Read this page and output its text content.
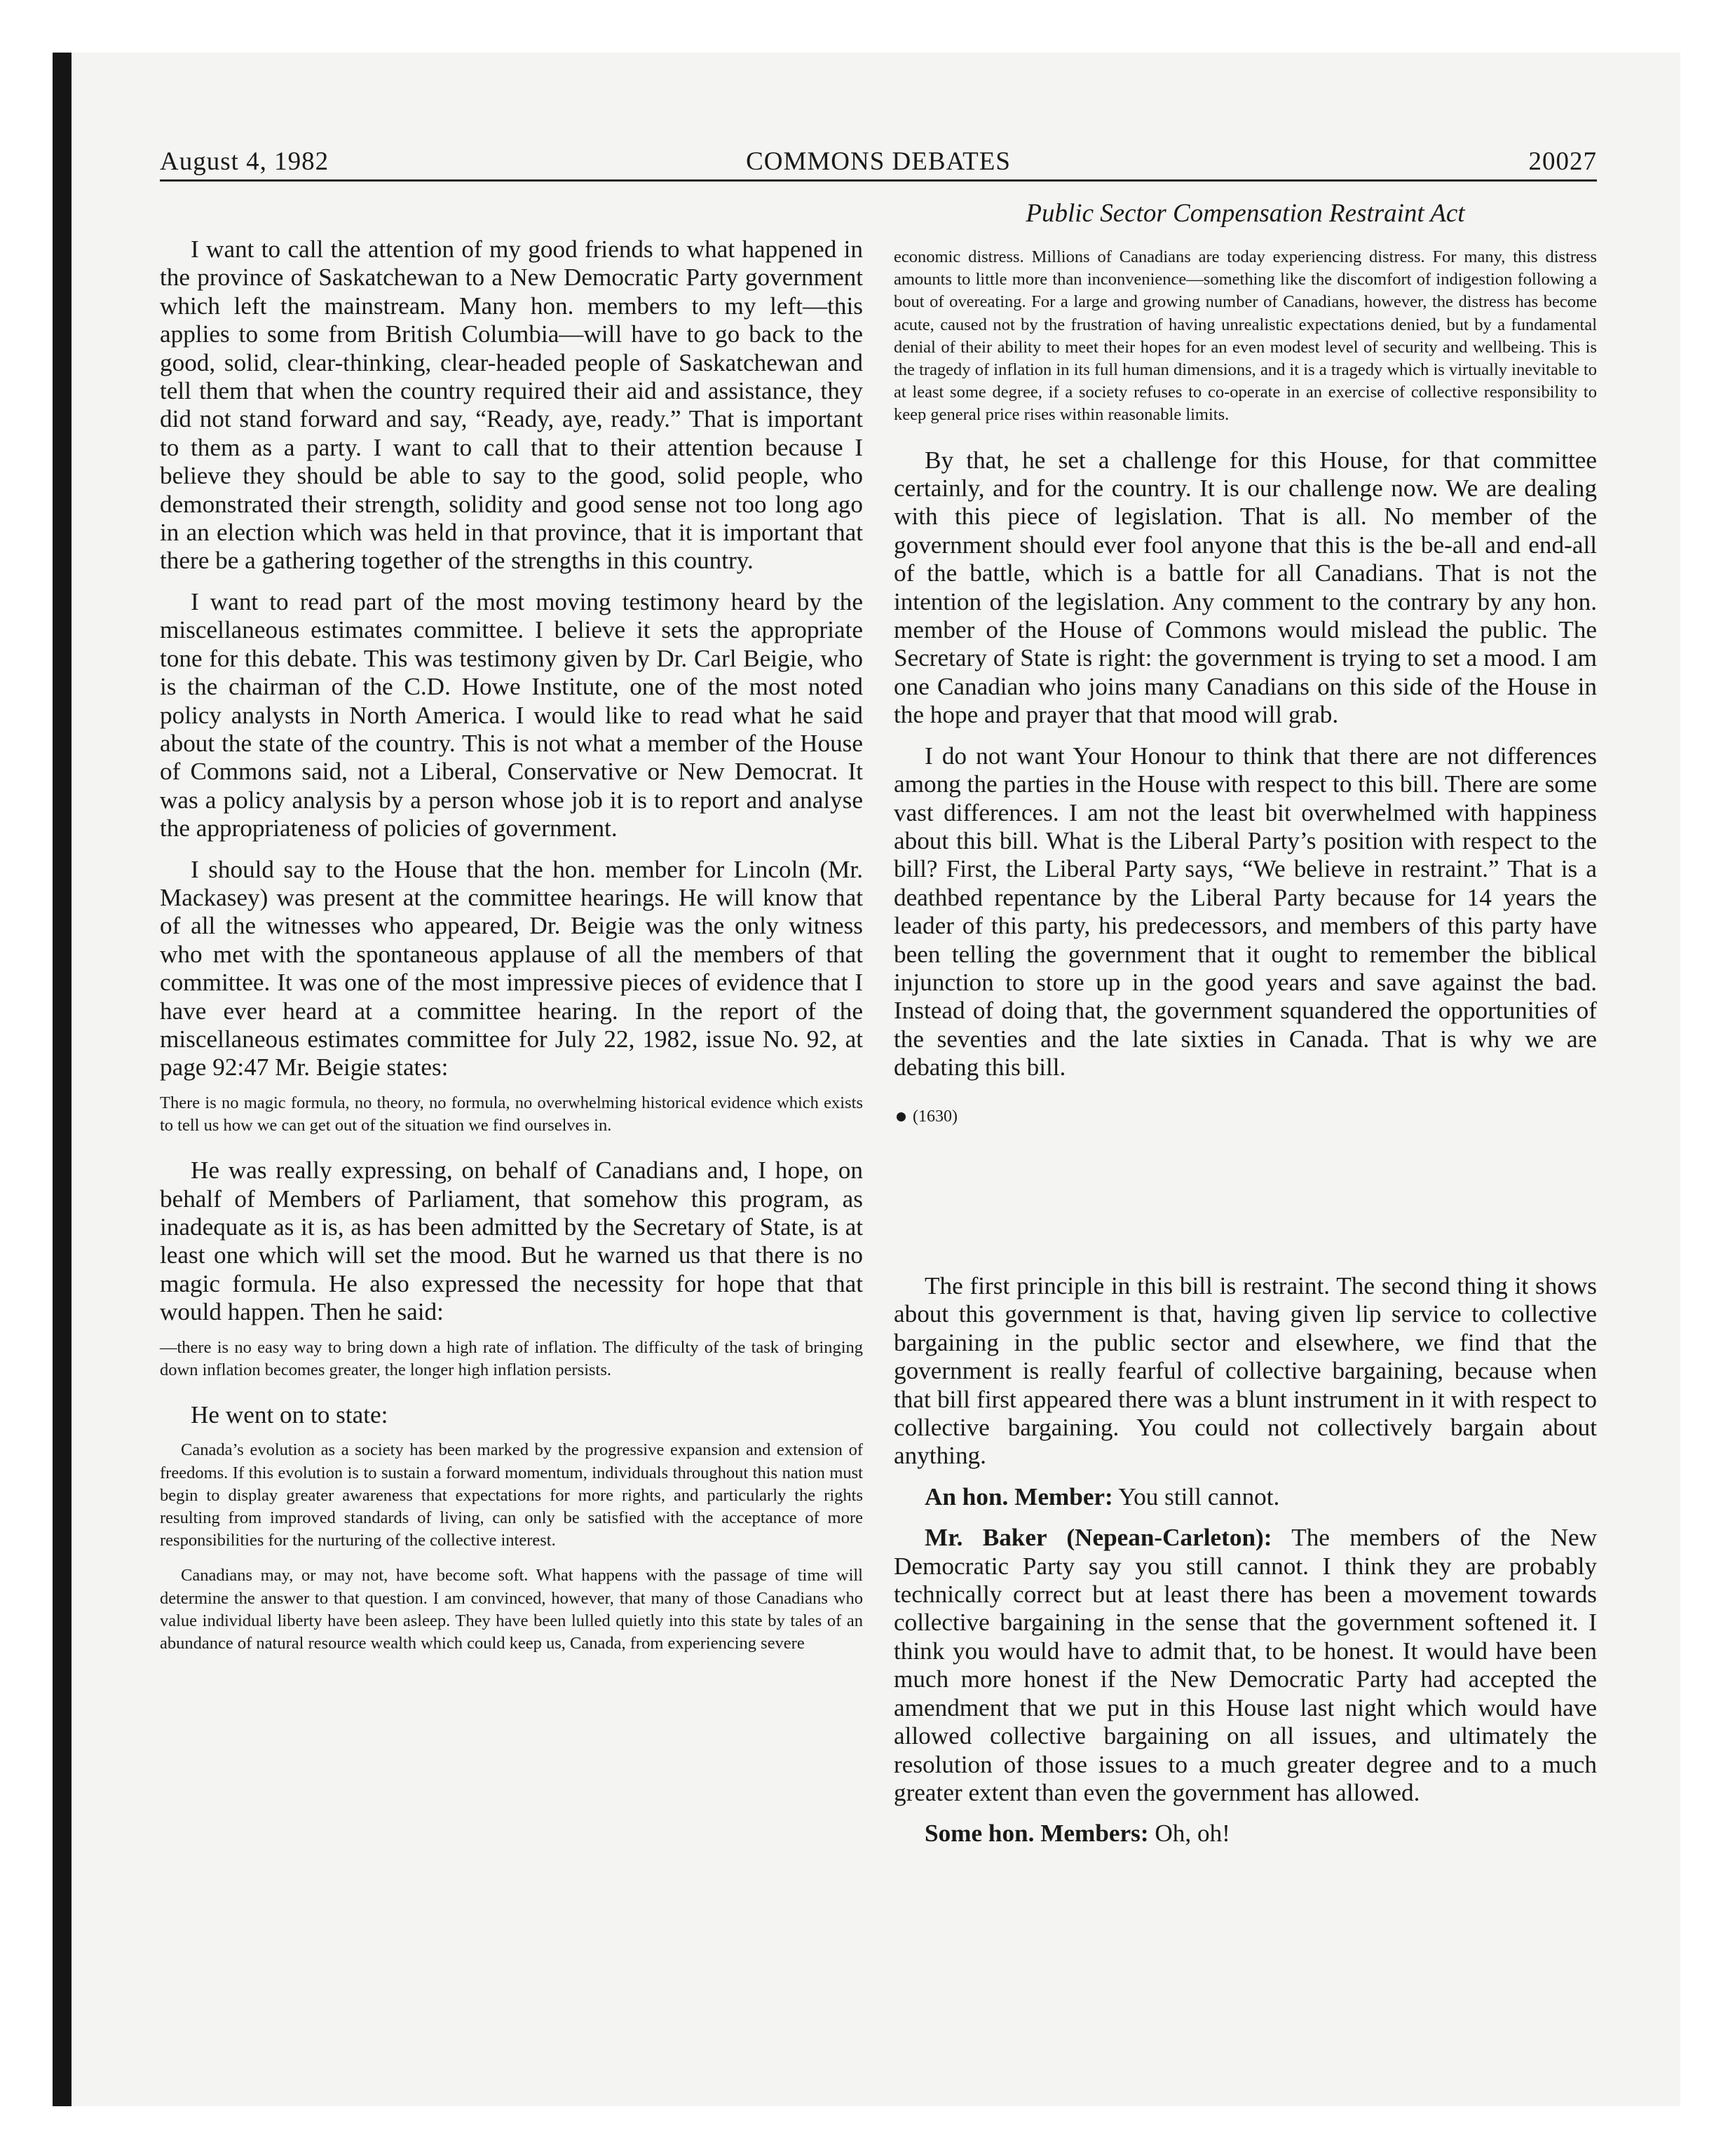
August 4, 1982	COMMONS DEBATES	20027
Public Sector Compensation Restraint Act

I want to call the attention of my good friends to what happened in the province of Saskatchewan to a New Democratic Party government which left the mainstream. Many hon. members to my left—this applies to some from British Columbia—will have to go back to the good, solid, clear-thinking, clear-headed people of Saskatchewan and tell them that when the country required their aid and assistance, they did not stand forward and say, “Ready, aye, ready.” That is important to them as a party. I want to call that to their attention because I believe they should be able to say to the good, solid people, who demonstrated their strength, solidity and good sense not too long ago in an election which was held in that province, that it is important that there be a gathering together of the strengths in this country.

I want to read part of the most moving testimony heard by the miscellaneous estimates committee. I believe it sets the appropriate tone for this debate. This was testimony given by Dr. Carl Beigie, who is the chairman of the C.D. Howe Institute, one of the most noted policy analysts in North America. I would like to read what he said about the state of the country. This is not what a member of the House of Commons said, not a Liberal, Conservative or New Democrat. It was a policy analysis by a person whose job it is to report and analyse the appropriateness of policies of government.

I should say to the House that the hon. member for Lincoln (Mr. Mackasey) was present at the committee hearings. He will know that of all the witnesses who appeared, Dr. Beigie was the only witness who met with the spontaneous applause of all the members of that committee. It was one of the most impressive pieces of evidence that I have ever heard at a committee hearing. In the report of the miscellaneous estimates committee for July 22, 1982, issue No. 92, at page 92:47 Mr. Beigie states:

There is no magic formula, no theory, no formula, no overwhelming historical evidence which exists to tell us how we can get out of the situation we find ourselves in.

He was really expressing, on behalf of Canadians and, I hope, on behalf of Members of Parliament, that somehow this program, as inadequate as it is, as has been admitted by the Secretary of State, is at least one which will set the mood. But he warned us that there is no magic formula. He also expressed the necessity for hope that that would happen. Then he said:

—there is no easy way to bring down a high rate of inflation. The difficulty of the task of bringing down inflation becomes greater, the longer high inflation persists.

He went on to state:

Canada’s evolution as a society has been marked by the progressive expansion and extension of freedoms. If this evolution is to sustain a forward momentum, individuals throughout this nation must begin to display greater awareness that expectations for more rights, and particularly the rights resulting from improved standards of living, can only be satisfied with the acceptance of more responsibilities for the nurturing of the collective interest.

Canadians may, or may not, have become soft. What happens with the passage of time will determine the answer to that question. I am convinced, however, that many of those Canadians who value individual liberty have been asleep. They have been lulled quietly into this state by tales of an abundance of natural resource wealth which could keep us, Canada, from experiencing severe

economic distress. Millions of Canadians are today experiencing distress. For many, this distress amounts to little more than inconvenience—something like the discomfort of indigestion following a bout of overeating. For a large and growing number of Canadians, however, the distress has become acute, caused not by the frustration of having unrealistic expectations denied, but by a fundamental denial of their ability to meet their hopes for an even modest level of security and wellbeing. This is the tragedy of inflation in its full human dimensions, and it is a tragedy which is virtually inevitable to at least some degree, if a society refuses to co-operate in an exercise of collective responsibility to keep general price rises within reasonable limits.

By that, he set a challenge for this House, for that committee certainly, and for the country. It is our challenge now. We are dealing with this piece of legislation. That is all. No member of the government should ever fool anyone that this is the be-all and end-all of the battle, which is a battle for all Canadians. That is not the intention of the legislation. Any comment to the contrary by any hon. member of the House of Commons would mislead the public. The Secretary of State is right: the government is trying to set a mood. I am one Canadian who joins many Canadians on this side of the House in the hope and prayer that that mood will grab.

I do not want Your Honour to think that there are not differences among the parties in the House with respect to this bill. There are some vast differences. I am not the least bit overwhelmed with happiness about this bill. What is the Liberal Party’s position with respect to the bill? First, the Liberal Party says, “We believe in restraint.” That is a deathbed repentance by the Liberal Party because for 14 years the leader of this party, his predecessors, and members of this party have been telling the government that it ought to remember the biblical injunction to store up in the good years and save against the bad. Instead of doing that, the government squandered the opportunities of the seventies and the late sixties in Canada. That is why we are debating this bill.

(1630)

The first principle in this bill is restraint. The second thing it shows about this government is that, having given lip service to collective bargaining in the public sector and elsewhere, we find that the government is really fearful of collective bargaining, because when that bill first appeared there was a blunt instrument in it with respect to collective bargaining. You could not collectively bargain about anything.

An hon. Member: You still cannot.

Mr. Baker (Nepean-Carleton): The members of the New Democratic Party say you still cannot. I think they are probably technically correct but at least there has been a movement towards collective bargaining in the sense that the government softened it. I think you would have to admit that, to be honest. It would have been much more honest if the New Democratic Party had accepted the amendment that we put in this House last night which would have allowed collective bargaining on all issues, and ultimately the resolution of those issues to a much greater degree and to a much greater extent than even the government has allowed.

Some hon. Members: Oh, oh!
